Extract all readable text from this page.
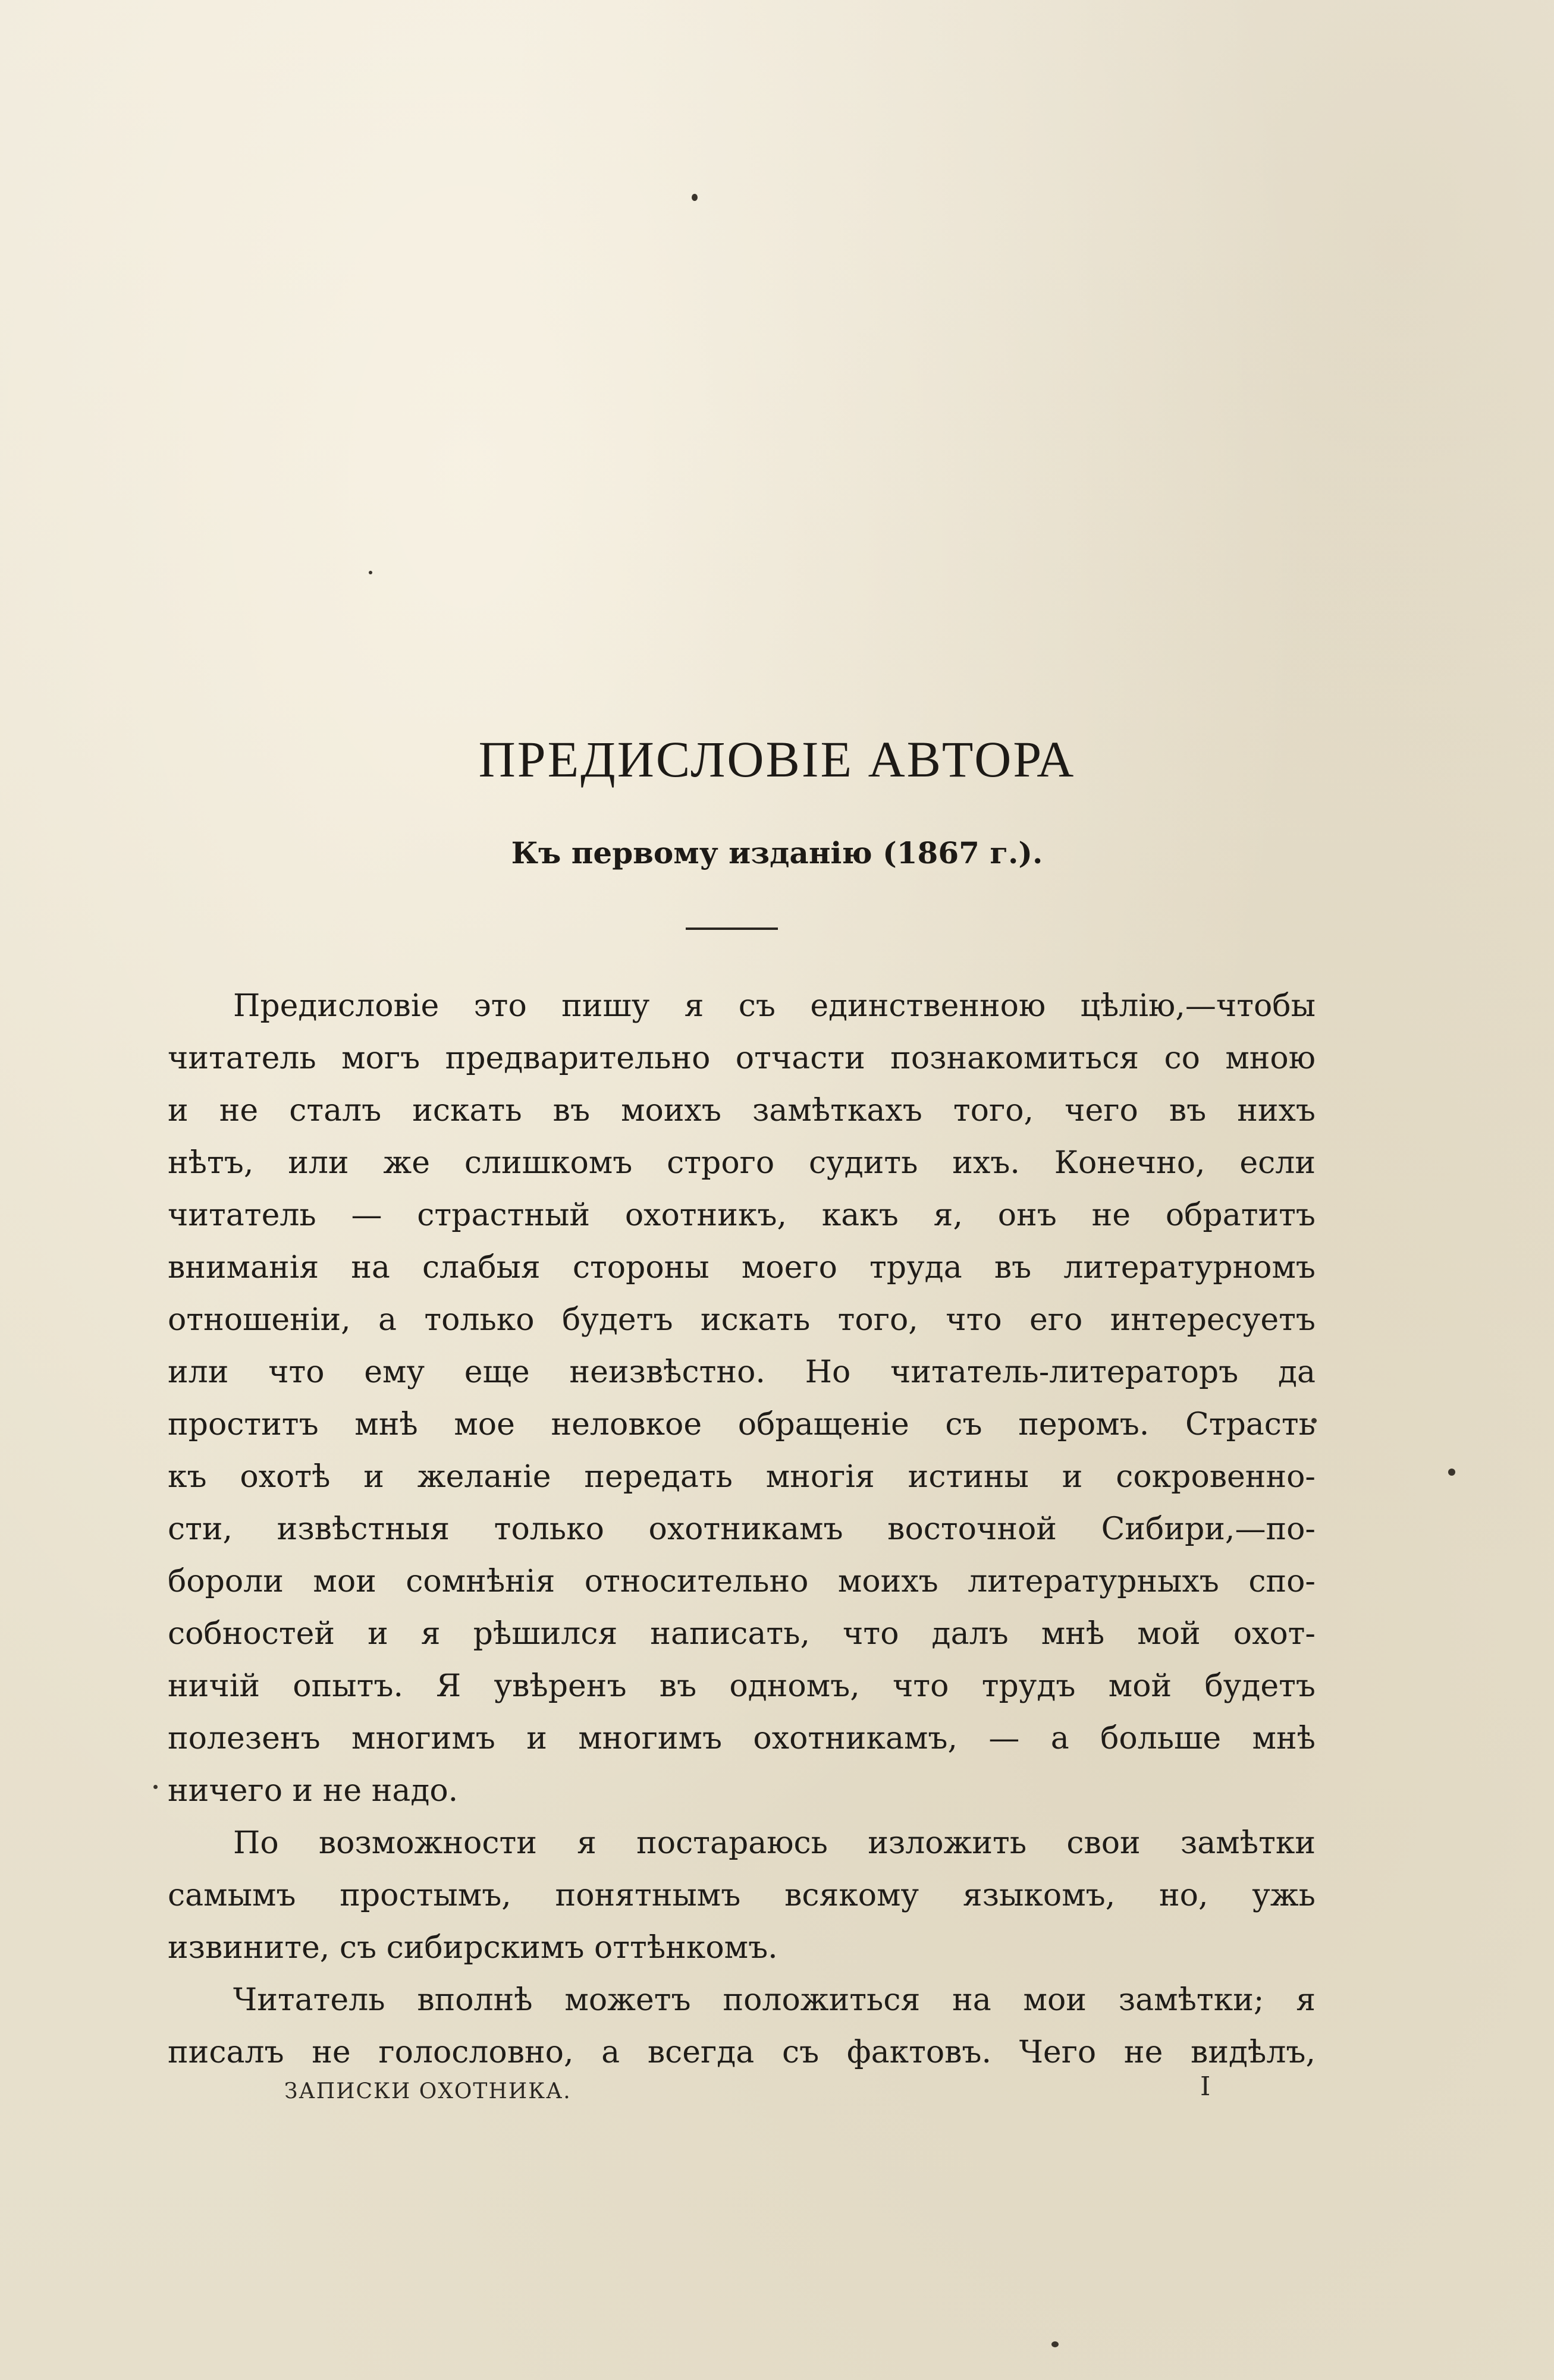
ПРЕДИСЛОВІЕ АВТОРА
Къ первому изданію (1867 г.).
Предисловіе это пишу я съ единственною цѣлію,—чтобы
читатель могъ предварительно отчасти познакомиться со мною
и не сталъ искать въ моихъ замѣткахъ того, чего въ нихъ
нѣтъ, или же слишкомъ строго судить ихъ. Конечно, если
читатель — страстный охотникъ, какъ я, онъ не обратитъ
вниманія на слабыя стороны моего труда въ литературномъ
отношеніи, а только будетъ искать того, что его интересуетъ
или что ему еще неизвѣстно. Но читатель-литераторъ да
проститъ мнѣ мое неловкое обращеніе съ перомъ. Страсть
къ охотѣ и желаніе передать многія истины и сокровенно-
сти, извѣстныя только охотникамъ восточной Сибири,—по-
бороли мои сомнѣнія относительно моихъ литературныхъ спо-
собностей и я рѣшился написать, что далъ мнѣ мой охот-
ничій опытъ. Я увѣренъ въ одномъ, что трудъ мой будетъ
полезенъ многимъ и многимъ охотникамъ, — а больше мнѣ
ничего и не надо.
По возможности я постараюсь изложить свои замѣтки
самымъ простымъ, понятнымъ всякому языкомъ, но, ужь
извините, съ сибирскимъ оттѣнкомъ.
Читатель вполнѣ можетъ положиться на мои замѣтки; я
писалъ не голословно, а всегда съ фактовъ. Чего не видѣлъ,
ЗАПИСКИ ОХОТНИКА.	I
